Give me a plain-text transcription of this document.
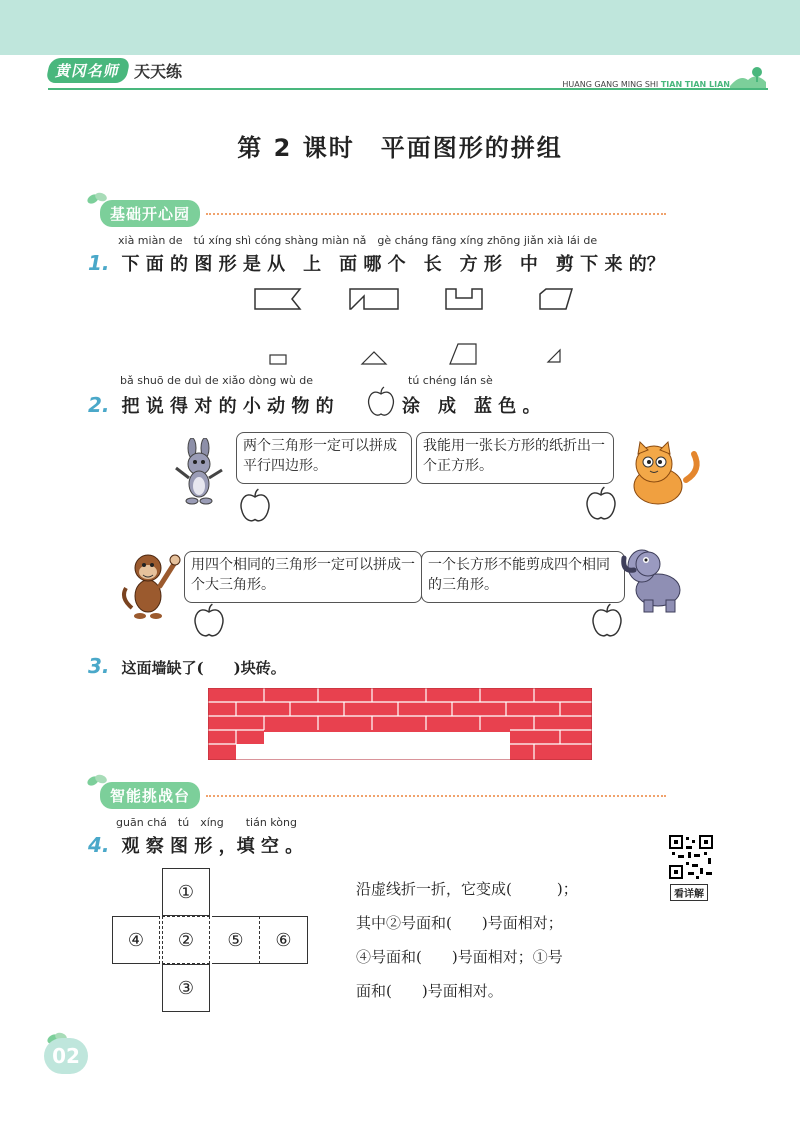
黄冈名师 天天练
HUANG GANG MING SHI TIAN TIAN LIAN
第 2 课时　平面图形的拼组
基础开心园
xià miàn de　tú xíng shì cóng shàng miàn nǎ　gè cháng fāng xíng zhōng jiǎn xià lái de
1. 下 面 的 图 形 是 从　上　面 哪 个　长　方 形　中　剪 下 来 的？
bǎ shuō de duì de xiǎo dòng wù de	tú chéng lán sè
2. 把 说 得 对 的 小 动 物 的	涂　成　蓝 色 。
两个三角形一定可以拼成平行四边形。
我能用一张长方形的纸折出一个正方形。
用四个相同的三角形一定可以拼成一个大三角形。
一个长方形不能剪成四个相同的三角形。
3. 这面墙缺了(　　)块砖。
智能挑战台
guān chá　tú　xíng　　tián kòng
4. 观 察 图 形 ，填 空 。
看详解
①
④	②	⑤	⑥
③
沿虚线折一折，它变成(　　　)；
其中②号面和(　　)号面相对；
④号面和(　　)号面相对；①号
面和(　　)号面相对。
02
